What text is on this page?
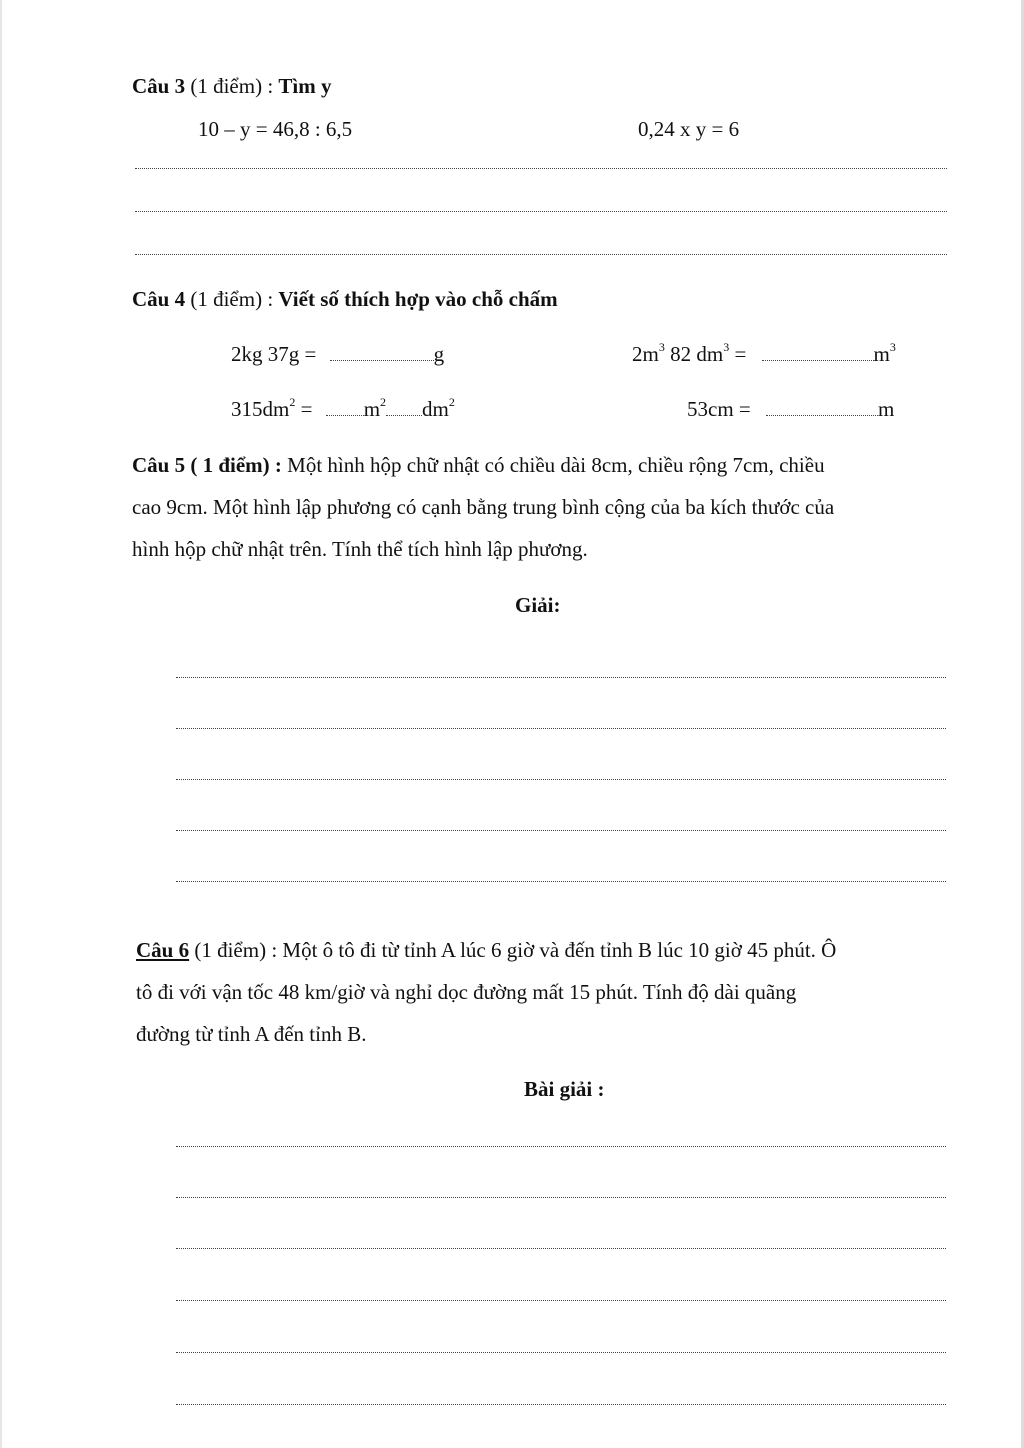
Câu 3 (1 điểm) : Tìm y
10 – y = 46,8 : 6,5	0,24 x y = 6
Câu 4 (1 điểm) : Viết số thích hợp vào chỗ chấm
2kg 37g =	g	$2m^3$ 82 $dm^3$ =	$m^3$
$315dm^2 = m^2$ $dm^2$	53cm =	m
Câu 5 ( 1 điểm) : Một hình hộp chữ nhật có chiều dài 8cm, chiều rộng 7cm, chiều
cao 9cm. Một hình lập phương có cạnh bằng trung bình cộng của ba kích thước của
hình hộp chữ nhật trên. Tính thể tích hình lập phương.
Giải:
Câu 6 (1 điểm) : Một ô tô đi từ tỉnh A lúc 6 giờ và đến tỉnh B lúc 10 giờ 45 phút. Ô
tô đi với vận tốc 48 km/giờ và nghỉ dọc đường mất 15 phút. Tính độ dài quãng
đường từ tỉnh A đến tỉnh B.
Bài giải :
